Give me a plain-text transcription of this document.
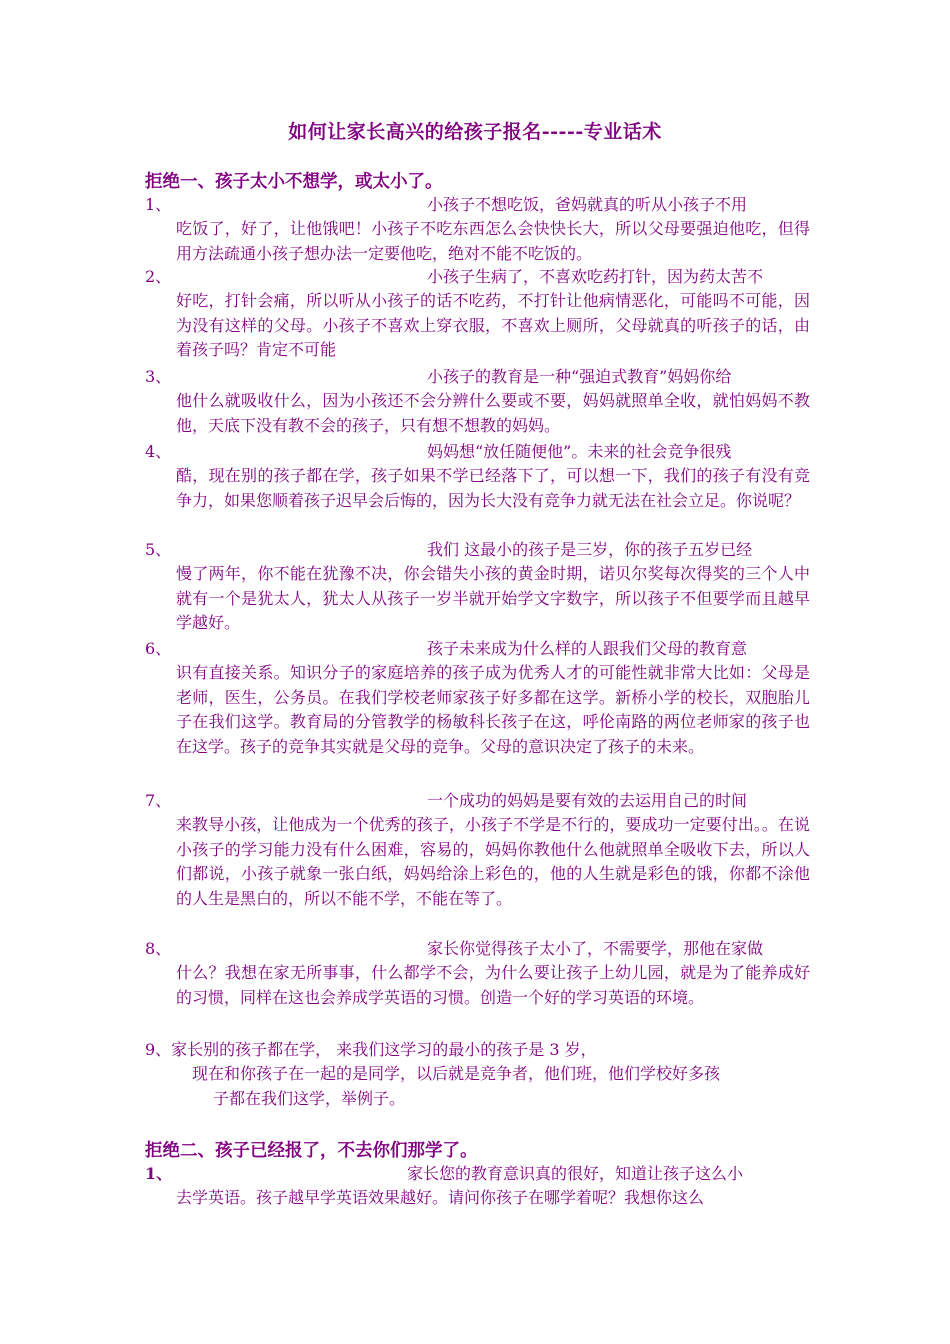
如何让家长高兴的给孩子报名-----专业话术
拒绝一、孩子太小不想学，或太小了。
1、	小孩子不想吃饭，爸妈就真的听从小孩子不用
吃饭了，好了，让他饿吧！小孩子不吃东西怎么会快快长大，所以父母要强迫他吃，但得用方法疏通小孩子想办法一定要他吃，绝对不能不吃饭的。
2、	小孩子生病了，不喜欢吃药打针，因为药太苦不
好吃，打针会痛，所以听从小孩子的话不吃药，不打针让他病情恶化，可能吗不可能，因为没有这样的父母。小孩子不喜欢上穿衣服，不喜欢上厕所，父母就真的听孩子的话，由着孩子吗？肯定不可能
3、	小孩子的教育是一种“强迫式教育”妈妈你给
他什么就吸收什么，因为小孩还不会分辨什么要或不要，妈妈就照单全收，就怕妈妈不教他，天底下没有教不会的孩子，只有想不想教的妈妈。
4、	妈妈想“放任随便他”。未来的社会竞争很残
酷，现在别的孩子都在学，孩子如果不学已经落下了，可以想一下，我们的孩子有没有竞争力，如果您顺着孩子迟早会后悔的，因为长大没有竞争力就无法在社会立足。你说呢？
5、	我们 这最小的孩子是三岁，你的孩子五岁已经
慢了两年，你不能在犹豫不决，你会错失小孩的黄金时期，诺贝尔奖每次得奖的三个人中就有一个是犹太人，犹太人从孩子一岁半就开始学文字数字，所以孩子不但要学而且越早学越好。
6、	孩子未来成为什么样的人跟我们父母的教育意
识有直接关系。知识分子的家庭培养的孩子成为优秀人才的可能性就非常大比如：父母是老师，医生，公务员。在我们学校老师家孩子好多都在这学。新桥小学的校长，双胞胎儿子在我们这学。教育局的分管教学的杨敏科长孩子在这，呼伦南路的两位老师家的孩子也在这学。孩子的竞争其实就是父母的竞争。父母的意识决定了孩子的未来。
7、	一个成功的妈妈是要有效的去运用自己的时间
来教导小孩，让他成为一个优秀的孩子，小孩子不学是不行的，要成功一定要付出。。在说小孩子的学习能力没有什么困难，容易的，妈妈你教他什么他就照单全吸收下去，所以人们都说，小孩子就象一张白纸，妈妈给涂上彩色的，他的人生就是彩色的饿，你都不涂他的人生是黑白的，所以不能不学，不能在等了。
8、	家长你觉得孩子太小了，不需要学，那他在家做
什么？我想在家无所事事，什么都学不会，为什么要让孩子上幼儿园，就是为了能养成好的习惯，同样在这也会养成学英语的习惯。创造一个好的学习英语的环境。
9、家长别的孩子都在学， 来我们这学习的最小的孩子是 3 岁，
现在和你孩子在一起的是同学，以后就是竞争者，他们班，他们学校好多孩
子都在我们这学，举例子。
拒绝二、孩子已经报了，不去你们那学了。
1、	家长您的教育意识真的很好，知道让孩子这么小
去学英语。孩子越早学英语效果越好。请问你孩子在哪学着呢？我想你这么
